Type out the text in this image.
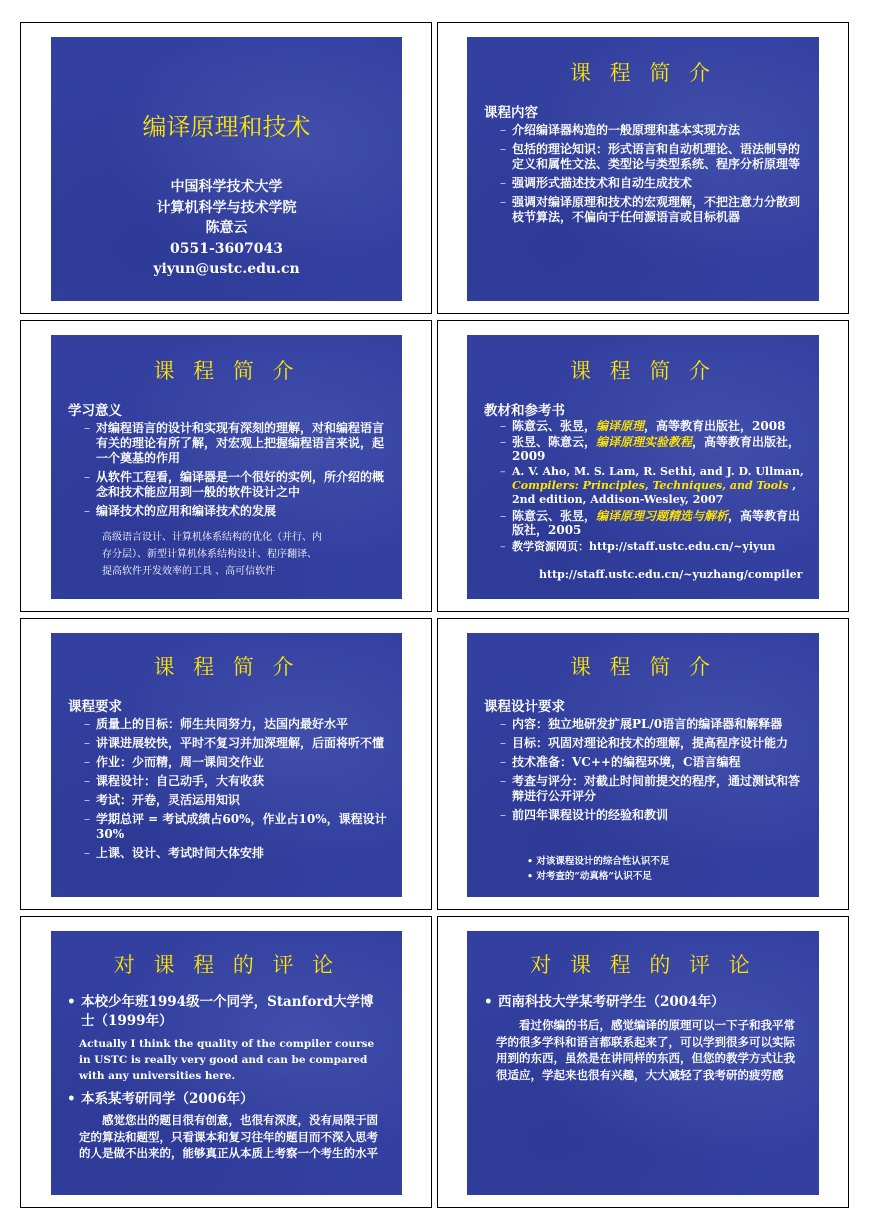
编译原理和技术
中国科学技术大学
计算机科学与技术学院
陈意云
0551-3607043
yiyun@ustc.edu.cn
课 程 简 介
课程内容
– 介绍编译器构造的一般原理和基本实现方法
– 包括的理论知识：形式语言和自动机理论、语法制导的定义和属性文法、类型论与类型系统、程序分析原理等
– 强调形式描述技术和自动生成技术
– 强调对编译原理和技术的宏观理解，不把注意力分散到枝节算法，不偏向于任何源语言或目标机器
课 程 简 介
学习意义
– 对编程语言的设计和实现有深刻的理解，对和编程语言有关的理论有所了解，对宏观上把握编程语言来说，起一个奠基的作用
– 从软件工程看，编译器是一个很好的实例，所介绍的概念和技术能应用到一般的软件设计之中
– 编译技术的应用和编译技术的发展
高级语言设计、计算机体系结构的优化（并行、内
存分层）、新型计算机体系结构设计、程序翻译、
提高软件开发效率的工具 、高可信软件
课 程 简 介
教材和参考书
– 陈意云、张昱，编译原理，高等教育出版社，2008
– 张昱、陈意云，编译原理实验教程，高等教育出版社， 2009
– A. V. Aho, M. S. Lam, R. Sethi, and J. D. Ullman, Compilers: Principles, Techniques, and Tools , 2nd edition, Addison-Wesley, 2007
– 陈意云、张昱，编译原理习题精选与解析，高等教育出版社，2005
– 教学资源网页：http://staff.ustc.edu.cn/~yiyun
http://staff.ustc.edu.cn/~yuzhang/compiler
课 程 简 介
课程要求
– 质量上的目标：师生共同努力，达国内最好水平
– 讲课进展较快，平时不复习并加深理解，后面将听不懂
– 作业：少而精，周一课间交作业
– 课程设计：自己动手，大有收获
– 考试：开卷，灵活运用知识
– 学期总评 = 考试成绩占60%，作业占10%，课程设计30%
– 上课、设计、考试时间大体安排
课 程 简 介
课程设计要求
– 内容：独立地研发扩展PL/0语言的编译器和解释器
– 目标：巩固对理论和技术的理解，提高程序设计能力
– 技术准备：VC++的编程环境，C语言编程
– 考查与评分：对截止时间前提交的程序，通过测试和答辩进行公开评分
– 前四年课程设计的经验和教训
• 对该课程设计的综合性认识不足
• 对考查的“动真格”认识不足
对 课 程 的 评 论
• 本校少年班1994级一个同学，Stanford大学博士（1999年）
Actually I think the quality of the compiler course in USTC is really very good and can be compared with any universities here.
• 本系某考研同学（2006年）
　　感觉您出的题目很有创意，也很有深度，没有局限于固定的算法和题型，只看课本和复习往年的题目而不深入思考的人是做不出来的，能够真正从本质上考察一个考生的水平
对 课 程 的 评 论
• 西南科技大学某考研学生（2004年）
　　看过你编的书后，感觉编译的原理可以一下子和我平常学的很多学科和语言都联系起来了，可以学到很多可以实际用到的东西，虽然是在讲同样的东西，但您的教学方式让我很适应，学起来也很有兴趣，大大减轻了我考研的疲劳感
